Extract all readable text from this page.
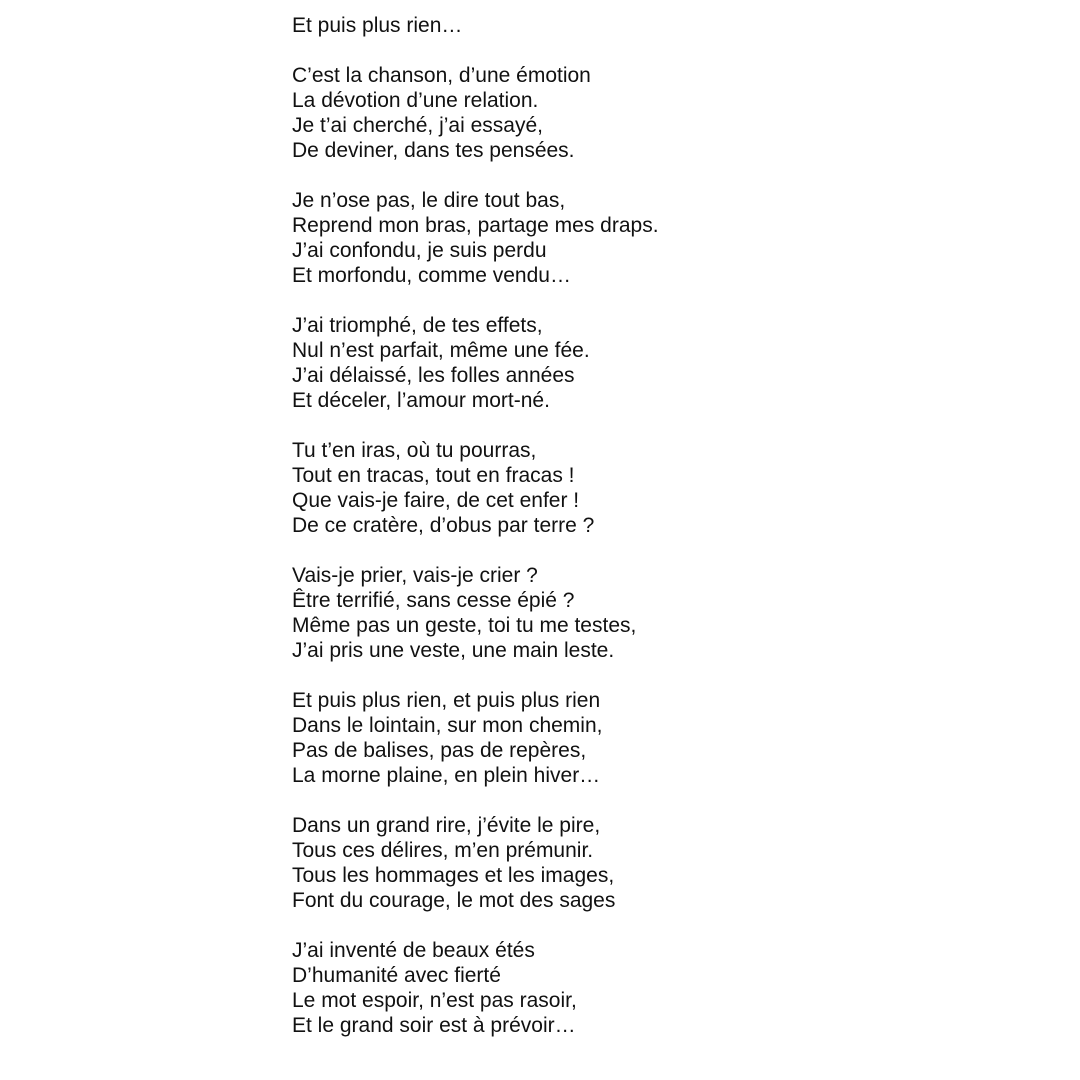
Et puis plus rien…
C’est la chanson, d’une émotion
La dévotion d’une relation.
Je t’ai cherché, j’ai essayé,
De deviner, dans tes pensées.
Je n’ose pas, le dire tout bas,
Reprend mon bras, partage mes draps.
J’ai confondu, je suis perdu
Et morfondu, comme vendu…
J’ai triomphé, de tes effets,
Nul n’est parfait, même une fée.
J’ai délaissé, les folles années
Et déceler, l’amour mort-né.
Tu t’en iras, où tu pourras,
Tout en tracas, tout en fracas !
Que vais-je faire, de cet enfer !
De ce cratère, d’obus par terre ?
Vais-je prier, vais-je crier ?
Être terrifié, sans cesse épié ?
Même pas un geste, toi tu me testes,
J’ai pris une veste, une main leste.
Et puis plus rien, et puis plus rien
Dans le lointain, sur mon chemin,
Pas de balises, pas de repères,
La morne plaine, en plein hiver…
Dans un grand rire, j’évite le pire,
Tous ces délires, m’en prémunir.
Tous les hommages et les images,
Font du courage, le mot des sages
J’ai inventé de beaux étés
D’humanité avec fierté
Le mot espoir, n’est pas rasoir,
Et le grand soir est à prévoir…
